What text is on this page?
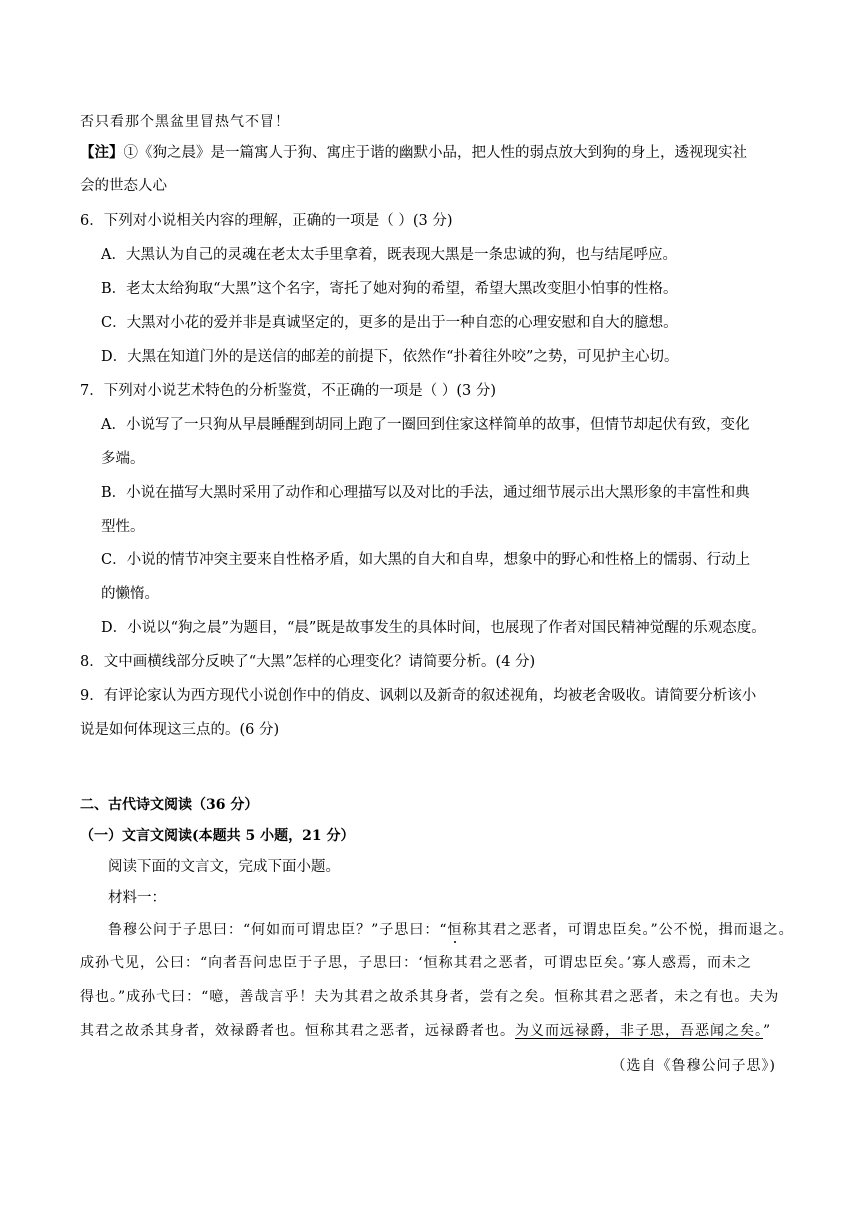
否只看那个黑盆里冒热气不冒！
【注】①《狗之晨》是一篇寓人于狗、寓庄于谐的幽默小品，把人性的弱点放大到狗的身上，透视现实社
会的世态人心
6．下列对小说相关内容的理解，正确的一项是（ ）(3 分)
A．大黑认为自己的灵魂在老太太手里拿着，既表现大黑是一条忠诚的狗，也与结尾呼应。
B．老太太给狗取“大黑”这个名字，寄托了她对狗的希望，希望大黑改变胆小怕事的性格。
C．大黑对小花的爱并非是真诚坚定的，更多的是出于一种自恋的心理安慰和自大的臆想。
D．大黑在知道门外的是送信的邮差的前提下，依然作“扑着往外咬”之势，可见护主心切。
7．下列对小说艺术特色的分析鉴赏，不正确的一项是（ ）(3 分)
A．小说写了一只狗从早晨睡醒到胡同上跑了一圈回到住家这样简单的故事，但情节却起伏有致，变化
多端。
B．小说在描写大黑时采用了动作和心理描写以及对比的手法，通过细节展示出大黑形象的丰富性和典
型性。
C．小说的情节冲突主要来自性格矛盾，如大黑的自大和自卑，想象中的野心和性格上的懦弱、行动上
的懒惰。
D．小说以“狗之晨”为题目，“晨”既是故事发生的具体时间，也展现了作者对国民精神觉醒的乐观态度。
8．文中画横线部分反映了“大黑”怎样的心理变化？请简要分析。(4 分)
9．有评论家认为西方现代小说创作中的俏皮、讽刺以及新奇的叙述视角，均被老舍吸收。请简要分析该小
说是如何体现这三点的。(6 分)
二、古代诗文阅读（36 分）
（一）文言文阅读(本题共 5 小题，21 分）
阅读下面的文言文，完成下面小题。
材料一：
鲁穆公问于子思曰：“何如而可谓忠臣？”子思曰：“恒称其君之恶者，可谓忠臣矣。”公不悦，揖而退之。
成孙弋见，公曰：“向者吾问忠臣于子思，子思曰：‘恒称其君之恶者，可谓忠臣矣。’寡人惑焉，而未之
得也。”成孙弋曰：“噫，善哉言乎！夫为其君之故杀其身者，尝有之矣。恒称其君之恶者，未之有也。夫为
其君之故杀其身者，效禄爵者也。恒称其君之恶者，远禄爵者也。为义而远禄爵，非子思，吾恶闻之矣。”
（选自《鲁穆公问子思》)
